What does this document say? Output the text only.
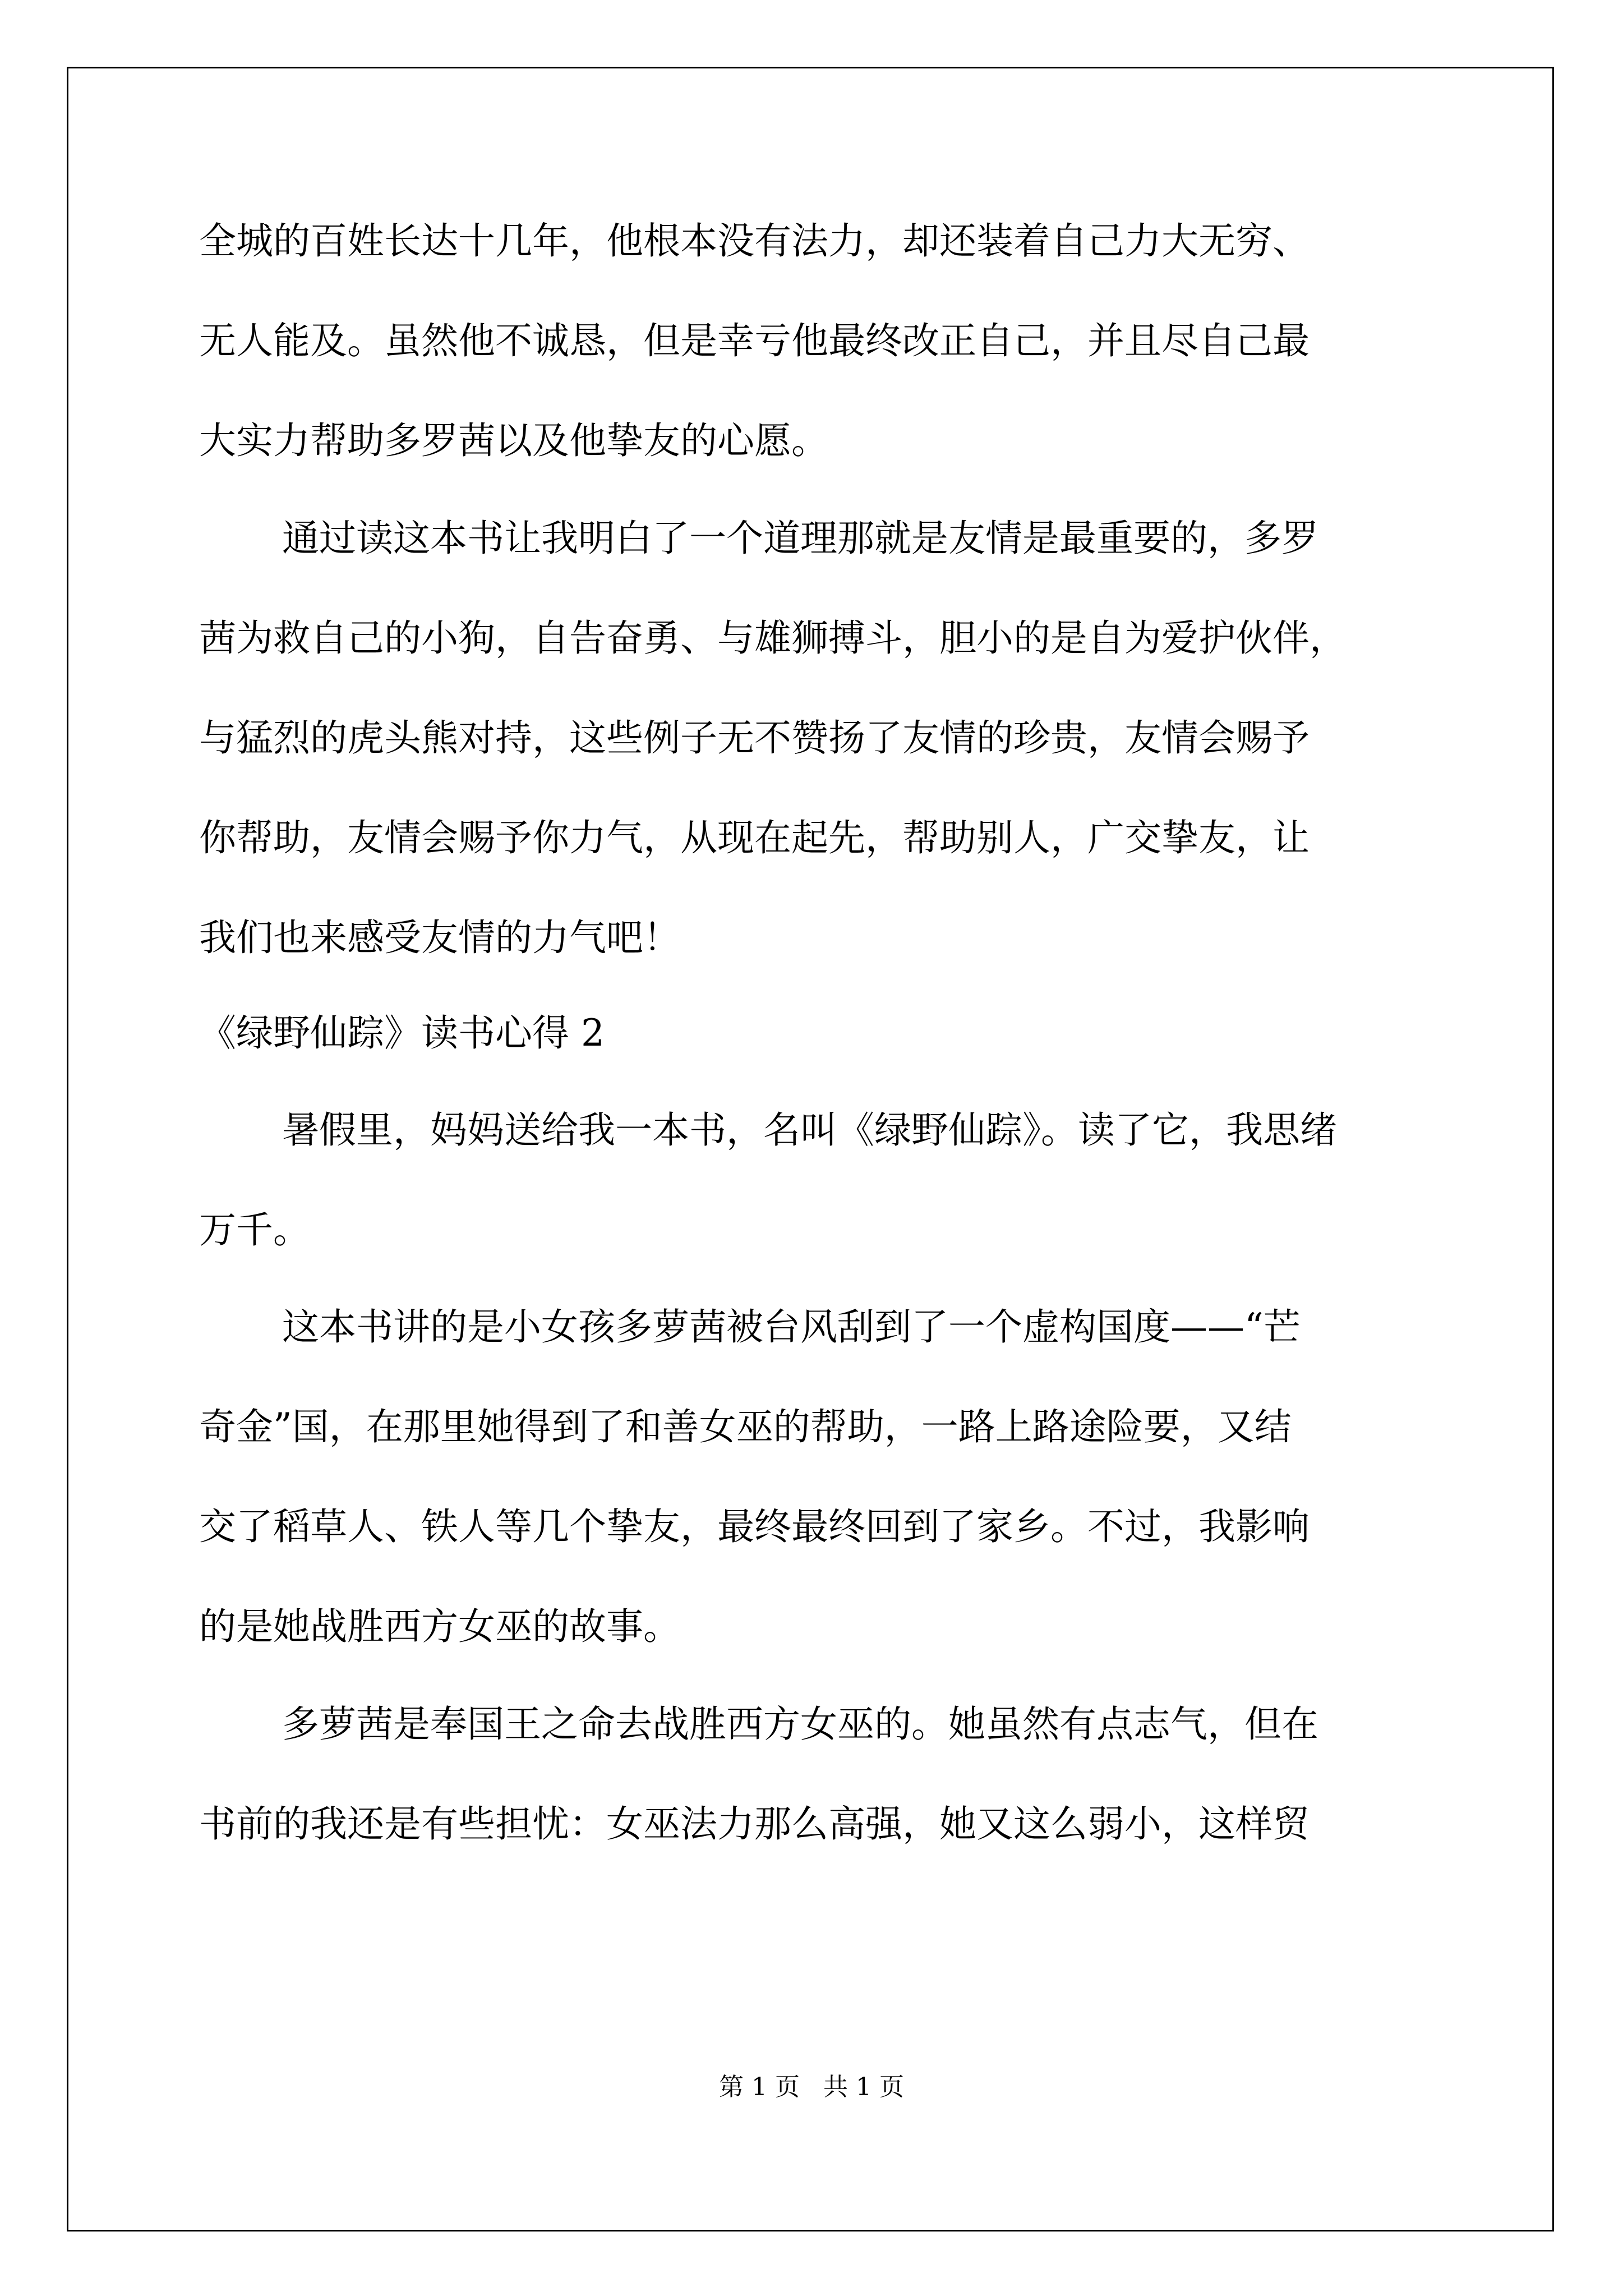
全城的百姓长达十几年，他根本没有法力，却还装着自己力大无穷、

无人能及。虽然他不诚恳，但是幸亏他最终改正自己，并且尽自己最

大实力帮助多罗茜以及他挚友的心愿。

通过读这本书让我明白了一个道理那就是友情是最重要的，多罗

茜为救自己的小狗，自告奋勇、与雄狮搏斗，胆小的是自为爱护伙伴，

与猛烈的虎头熊对持，这些例子无不赞扬了友情的珍贵，友情会赐予

你帮助，友情会赐予你力气，从现在起先，帮助别人，广交挚友，让

我们也来感受友情的力气吧！

《绿野仙踪》读书心得 2

暑假里，妈妈送给我一本书，名叫《绿野仙踪》。读了它，我思绪

万千。

这本书讲的是小女孩多萝茜被台风刮到了一个虚构国度——“芒

奇金”国，在那里她得到了和善女巫的帮助，一路上路途险要，又结

交了稻草人、铁人等几个挚友，最终最终回到了家乡。不过，我影响

的是她战胜西方女巫的故事。

多萝茜是奉国王之命去战胜西方女巫的。她虽然有点志气，但在

书前的我还是有些担忧：女巫法力那么高强，她又这么弱小，这样贸

第 1 页   共 1 页
